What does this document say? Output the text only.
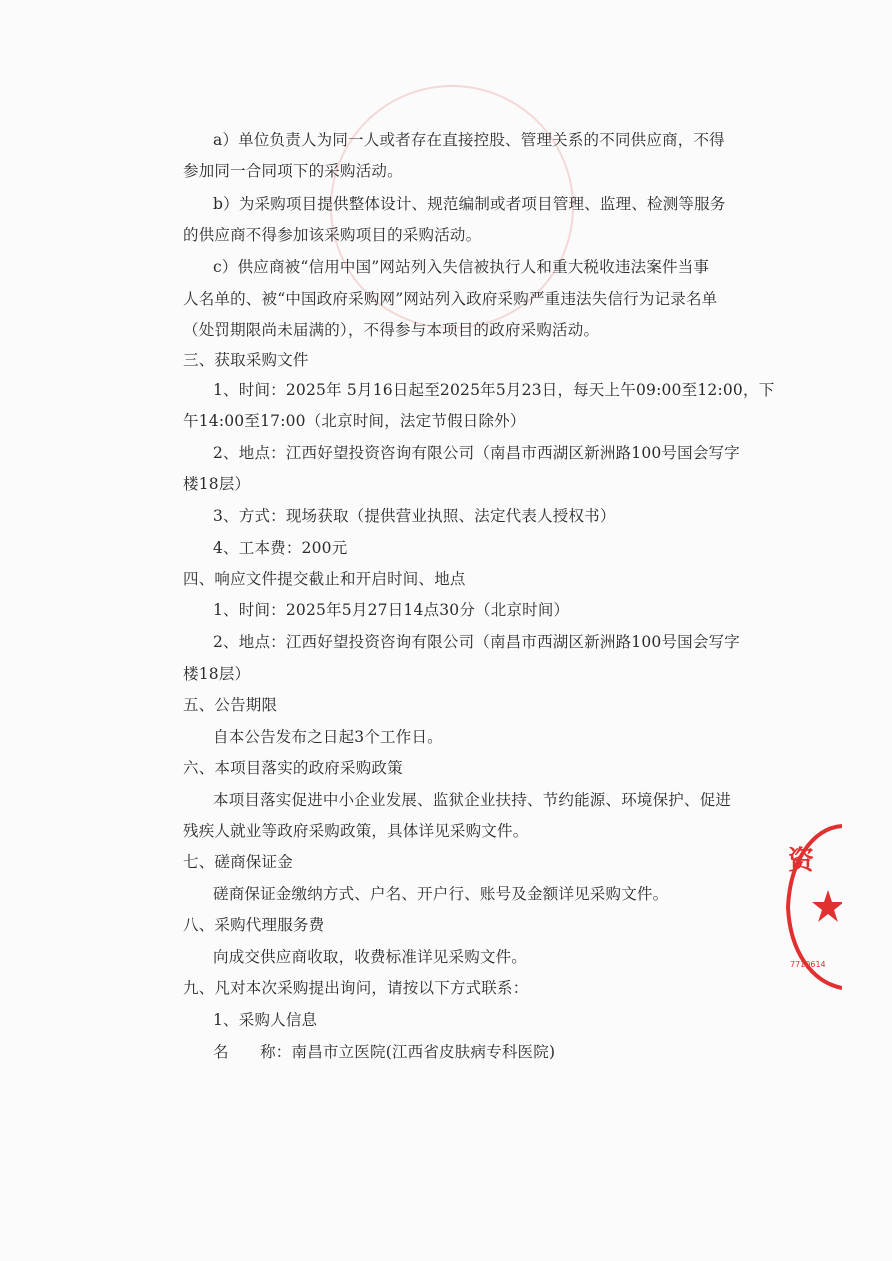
a）单位负责人为同一人或者存在直接控股、管理关系的不同供应商，不得
参加同一合同项下的采购活动。
b）为采购项目提供整体设计、规范编制或者项目管理、监理、检测等服务
的供应商不得参加该采购项目的采购活动。
c）供应商被“信用中国”网站列入失信被执行人和重大税收违法案件当事
人名单的、被“中国政府采购网”网站列入政府采购严重违法失信行为记录名单
（处罚期限尚未届满的），不得参与本项目的政府采购活动。
三、获取采购文件
1、时间：2025年 5月16日起至2025年5月23日，每天上午09:00至12:00，下
午14:00至17:00（北京时间，法定节假日除外）
2、地点：江西好望投资咨询有限公司（南昌市西湖区新洲路100号国会写字
楼18层）
3、方式：现场获取（提供营业执照、法定代表人授权书）
4、工本费：200元
四、响应文件提交截止和开启时间、地点
1、时间：2025年5月27日14点30分（北京时间）
2、地点：江西好望投资咨询有限公司（南昌市西湖区新洲路100号国会写字
楼18层）
五、公告期限
自本公告发布之日起3个工作日。
六、本项目落实的政府采购政策
本项目落实促进中小企业发展、监狱企业扶持、节约能源、环境保护、促进
残疾人就业等政府采购政策，具体详见采购文件。
七、磋商保证金
磋商保证金缴纳方式、户名、开户行、账号及金额详见采购文件。
八、采购代理服务费
向成交供应商收取，收费标准详见采购文件。
九、凡对本次采购提出询问，请按以下方式联系：
1、采购人信息
名　　称：南昌市立医院(江西省皮肤病专科医院)
资
7710614
